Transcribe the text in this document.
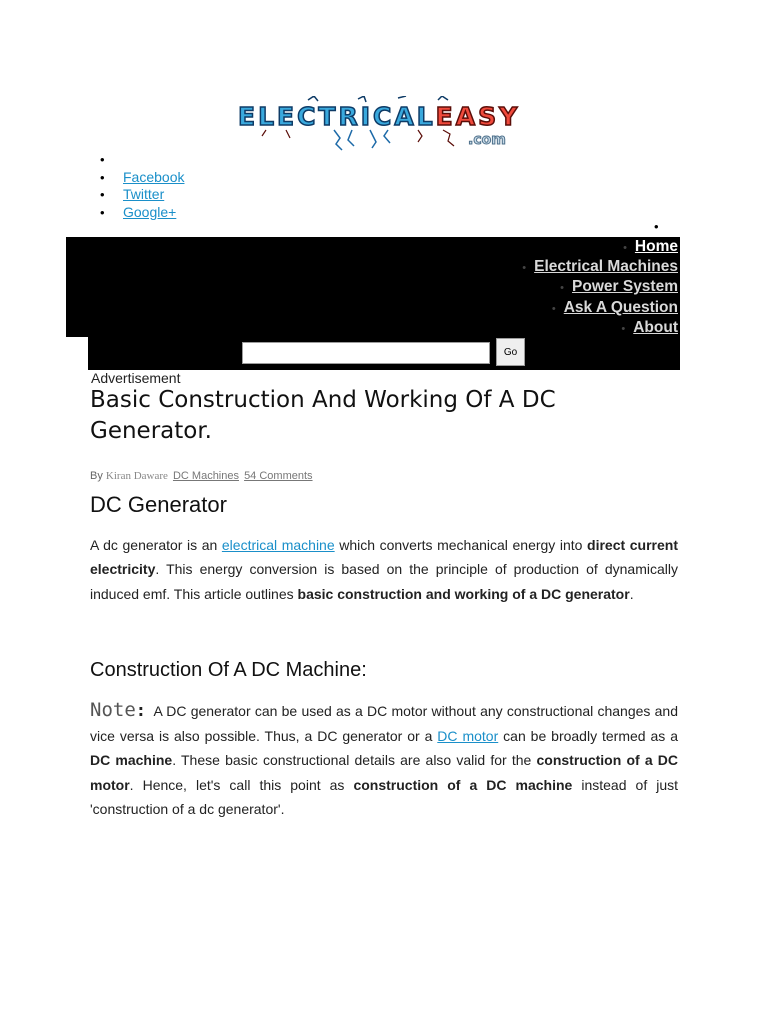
ELECTRICALEASY
.com
•
• Facebook
• Twitter
• Google+
•
• Home
• Electrical Machines
• Power System
• Ask A Question
• About
Go
Advertisement
Basic Construction And Working Of A DC Generator.
By Kiran Daware DC Machines 54 Comments
DC Generator

A dc generator is an electrical machine which converts mechanical energy into direct current electricity. This energy conversion is based on the principle of production of dynamically induced emf. This article outlines basic construction and working of a DC generator.

Construction Of A DC Machine:

Note: A DC generator can be used as a DC motor without any constructional changes and vice versa is also possible. Thus, a DC generator or a DC motor can be broadly termed as a DC machine. These basic constructional details are also valid for the construction of a DC motor. Hence, let's call this point as construction of a DC machine instead of just 'construction of a dc generator'.
